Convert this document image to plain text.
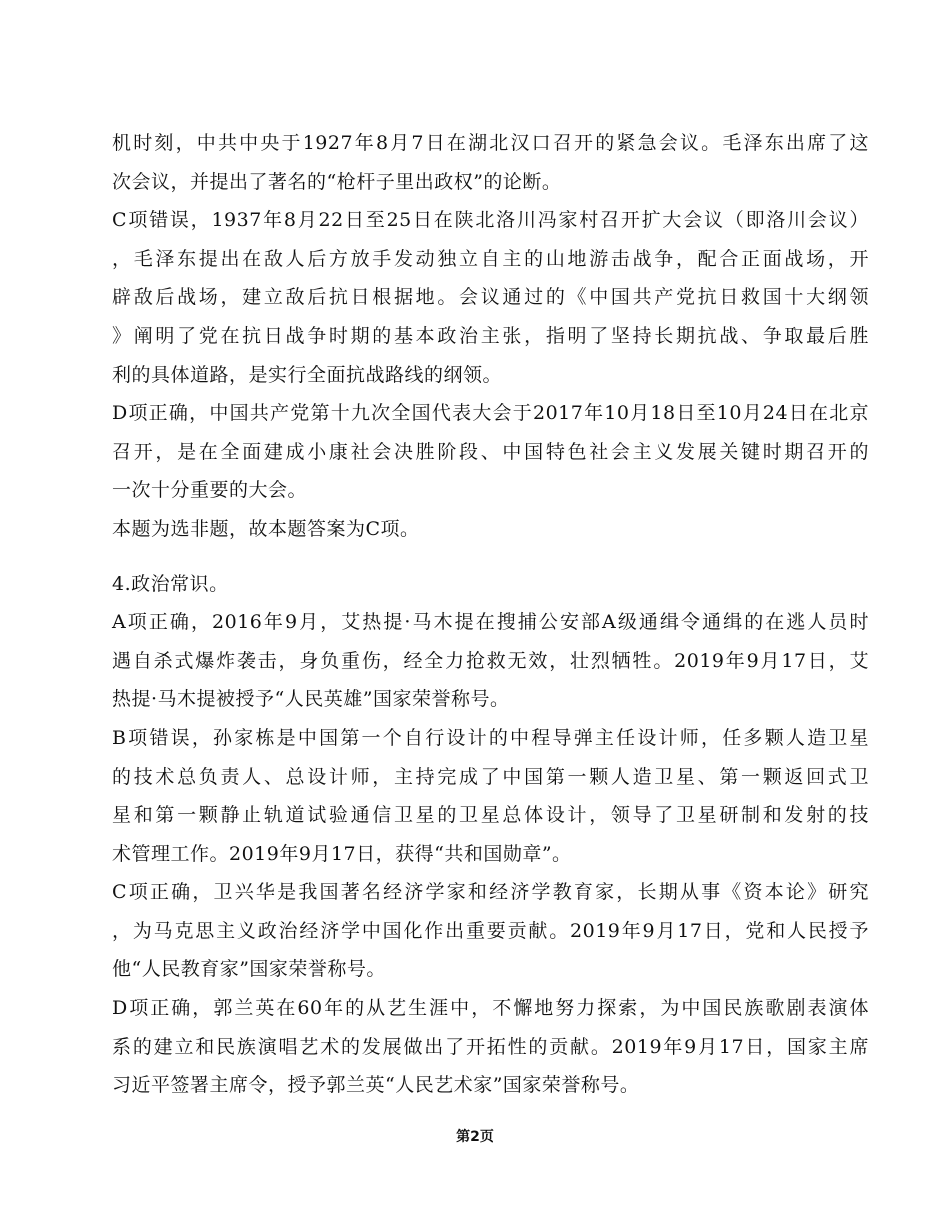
机时刻，中共中央于1927年8月7日在湖北汉口召开的紧急会议。毛泽东出席了这
次会议，并提出了著名的“枪杆子里出政权”的论断。
C项错误，1937年8月22日至25日在陕北洛川冯家村召开扩大会议（即洛川会议）
，毛泽东提出在敌人后方放手发动独立自主的山地游击战争，配合正面战场，开
辟敌后战场，建立敌后抗日根据地。会议通过的《中国共产党抗日救国十大纲领
》阐明了党在抗日战争时期的基本政治主张，指明了坚持长期抗战、争取最后胜
利的具体道路，是实行全面抗战路线的纲领。
D项正确，中国共产党第十九次全国代表大会于2017年10月18日至10月24日在北京
召开，是在全面建成小康社会决胜阶段、中国特色社会主义发展关键时期召开的
一次十分重要的大会。
本题为选非题，故本题答案为C项。
4.政治常识。
A项正确，2016年9月，艾热提·马木提在搜捕公安部A级通缉令通缉的在逃人员时
遇自杀式爆炸袭击，身负重伤，经全力抢救无效，壮烈牺牲。2019年9月17日，艾
热提·马木提被授予“人民英雄”国家荣誉称号。
B项错误，孙家栋是中国第一个自行设计的中程导弹主任设计师，任多颗人造卫星
的技术总负责人、总设计师，主持完成了中国第一颗人造卫星、第一颗返回式卫
星和第一颗静止轨道试验通信卫星的卫星总体设计，领导了卫星研制和发射的技
术管理工作。2019年9月17日，获得“共和国勋章”。
C项正确，卫兴华是我国著名经济学家和经济学教育家，长期从事《资本论》研究
，为马克思主义政治经济学中国化作出重要贡献。2019年9月17日，党和人民授予
他“人民教育家”国家荣誉称号。
D项正确，郭兰英在60年的从艺生涯中，不懈地努力探索，为中国民族歌剧表演体
系的建立和民族演唱艺术的发展做出了开拓性的贡献。2019年9月17日，国家主席
习近平签署主席令，授予郭兰英“人民艺术家”国家荣誉称号。
第2页
